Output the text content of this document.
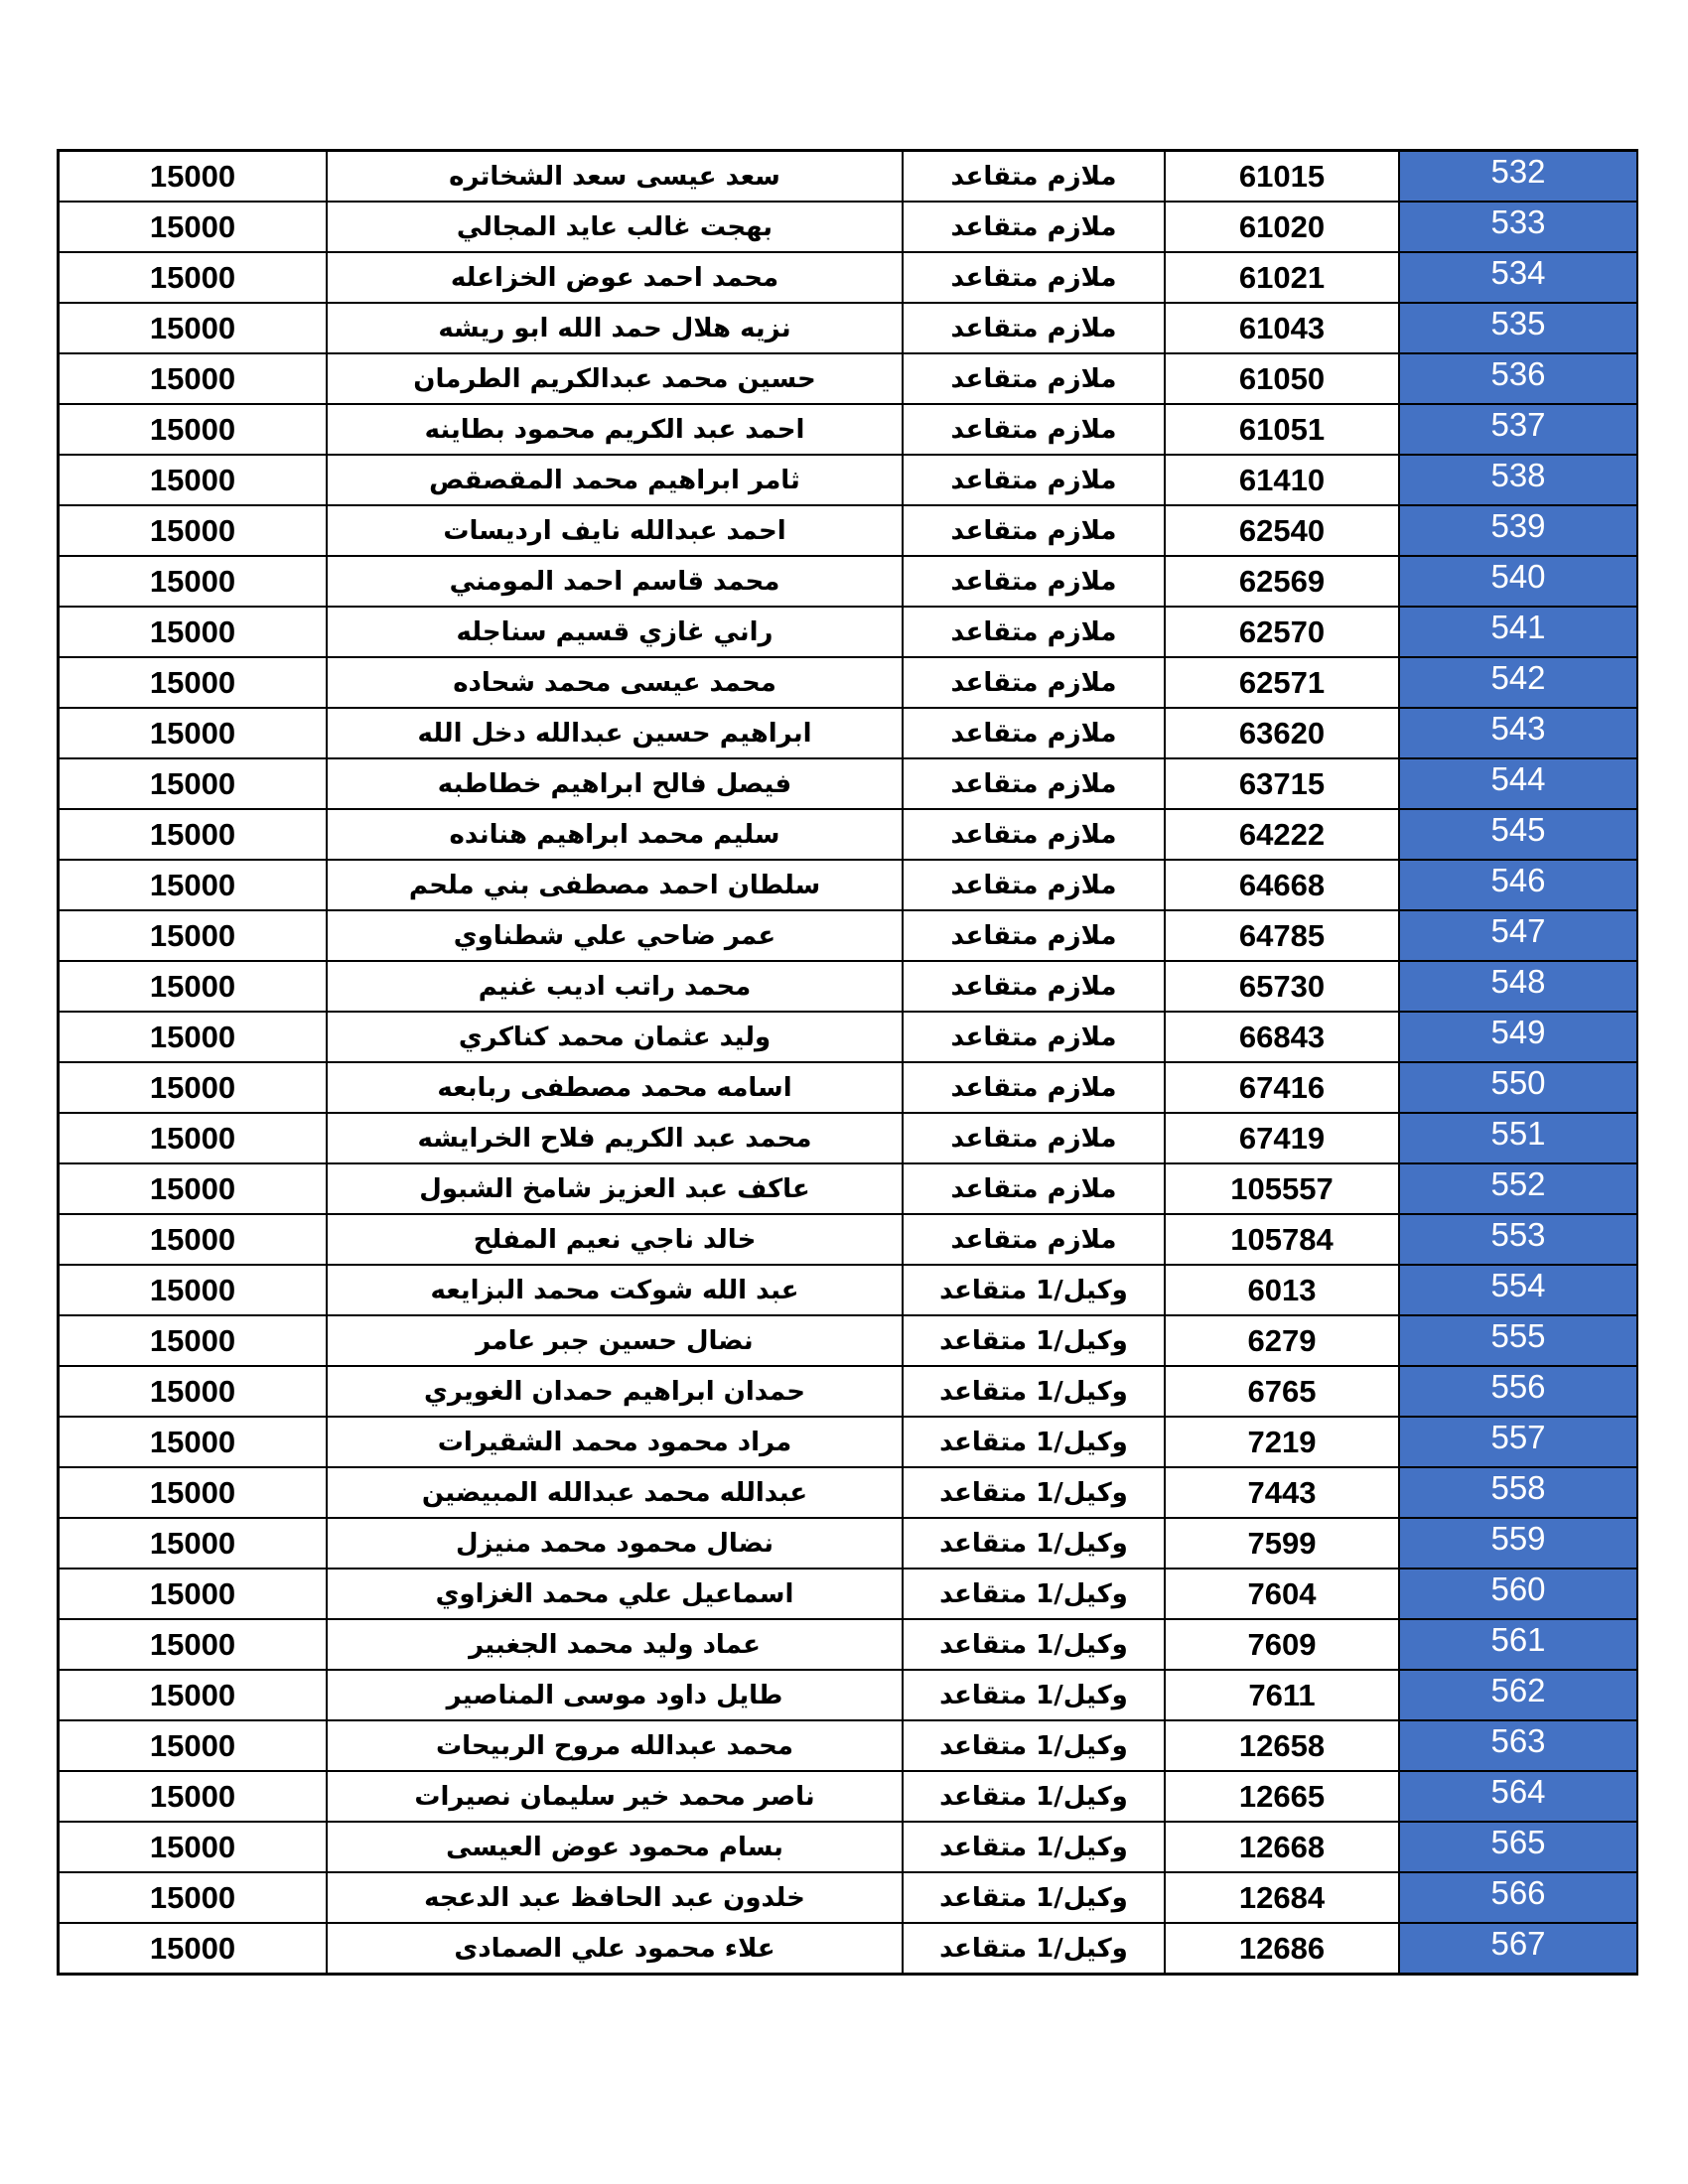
15000	سعد عيسى سعد الشخاتره	ملازم متقاعد	61015	532
15000	بهجت غالب عايد المجالي	ملازم متقاعد	61020	533
15000	محمد احمد عوض الخزاعله	ملازم متقاعد	61021	534
15000	نزيه هلال حمد الله ابو ريشه	ملازم متقاعد	61043	535
15000	حسين محمد عبدالكريم الطرمان	ملازم متقاعد	61050	536
15000	احمد عبد الكريم محمود بطاينه	ملازم متقاعد	61051	537
15000	ثامر ابراهيم محمد المقصقص	ملازم متقاعد	61410	538
15000	احمد عبدالله نايف ارديسات	ملازم متقاعد	62540	539
15000	محمد قاسم احمد المومني	ملازم متقاعد	62569	540
15000	راني غازي قسيم سناجله	ملازم متقاعد	62570	541
15000	محمد عيسى محمد شحاده	ملازم متقاعد	62571	542
15000	ابراهيم حسين عبدالله دخل الله	ملازم متقاعد	63620	543
15000	فيصل فالح ابراهيم خطاطبه	ملازم متقاعد	63715	544
15000	سليم محمد ابراهيم هنانده	ملازم متقاعد	64222	545
15000	سلطان احمد مصطفى بني ملحم	ملازم متقاعد	64668	546
15000	عمر ضاحي علي شطناوي	ملازم متقاعد	64785	547
15000	محمد راتب اديب غنيم	ملازم متقاعد	65730	548
15000	وليد عثمان محمد كناكري	ملازم متقاعد	66843	549
15000	اسامه محمد مصطفى ربابعه	ملازم متقاعد	67416	550
15000	محمد عبد الكريم فلاح الخرايشه	ملازم متقاعد	67419	551
15000	عاكف عبد العزيز شامخ الشبول	ملازم متقاعد	105557	552
15000	خالد ناجي نعيم المفلح	ملازم متقاعد	105784	553
15000	عبد الله شوكت محمد البزايعه	وكيل/1 متقاعد	6013	554
15000	نضال حسين جبر عامر	وكيل/1 متقاعد	6279	555
15000	حمدان ابراهيم حمدان الغويري	وكيل/1 متقاعد	6765	556
15000	مراد محمود محمد الشقيرات	وكيل/1 متقاعد	7219	557
15000	عبدالله محمد عبدالله المبيضين	وكيل/1 متقاعد	7443	558
15000	نضال محمود محمد منيزل	وكيل/1 متقاعد	7599	559
15000	اسماعيل علي محمد الغزاوي	وكيل/1 متقاعد	7604	560
15000	عماد وليد محمد الجغبير	وكيل/1 متقاعد	7609	561
15000	طايل داود موسى المناصير	وكيل/1 متقاعد	7611	562
15000	محمد عبدالله مروح الربيحات	وكيل/1 متقاعد	12658	563
15000	ناصر محمد خير سليمان نصيرات	وكيل/1 متقاعد	12665	564
15000	بسام محمود عوض العيسى	وكيل/1 متقاعد	12668	565
15000	خلدون عبد الحافظ عبد الدعجه	وكيل/1 متقاعد	12684	566
15000	علاء محمود علي الصمادى	وكيل/1 متقاعد	12686	567
